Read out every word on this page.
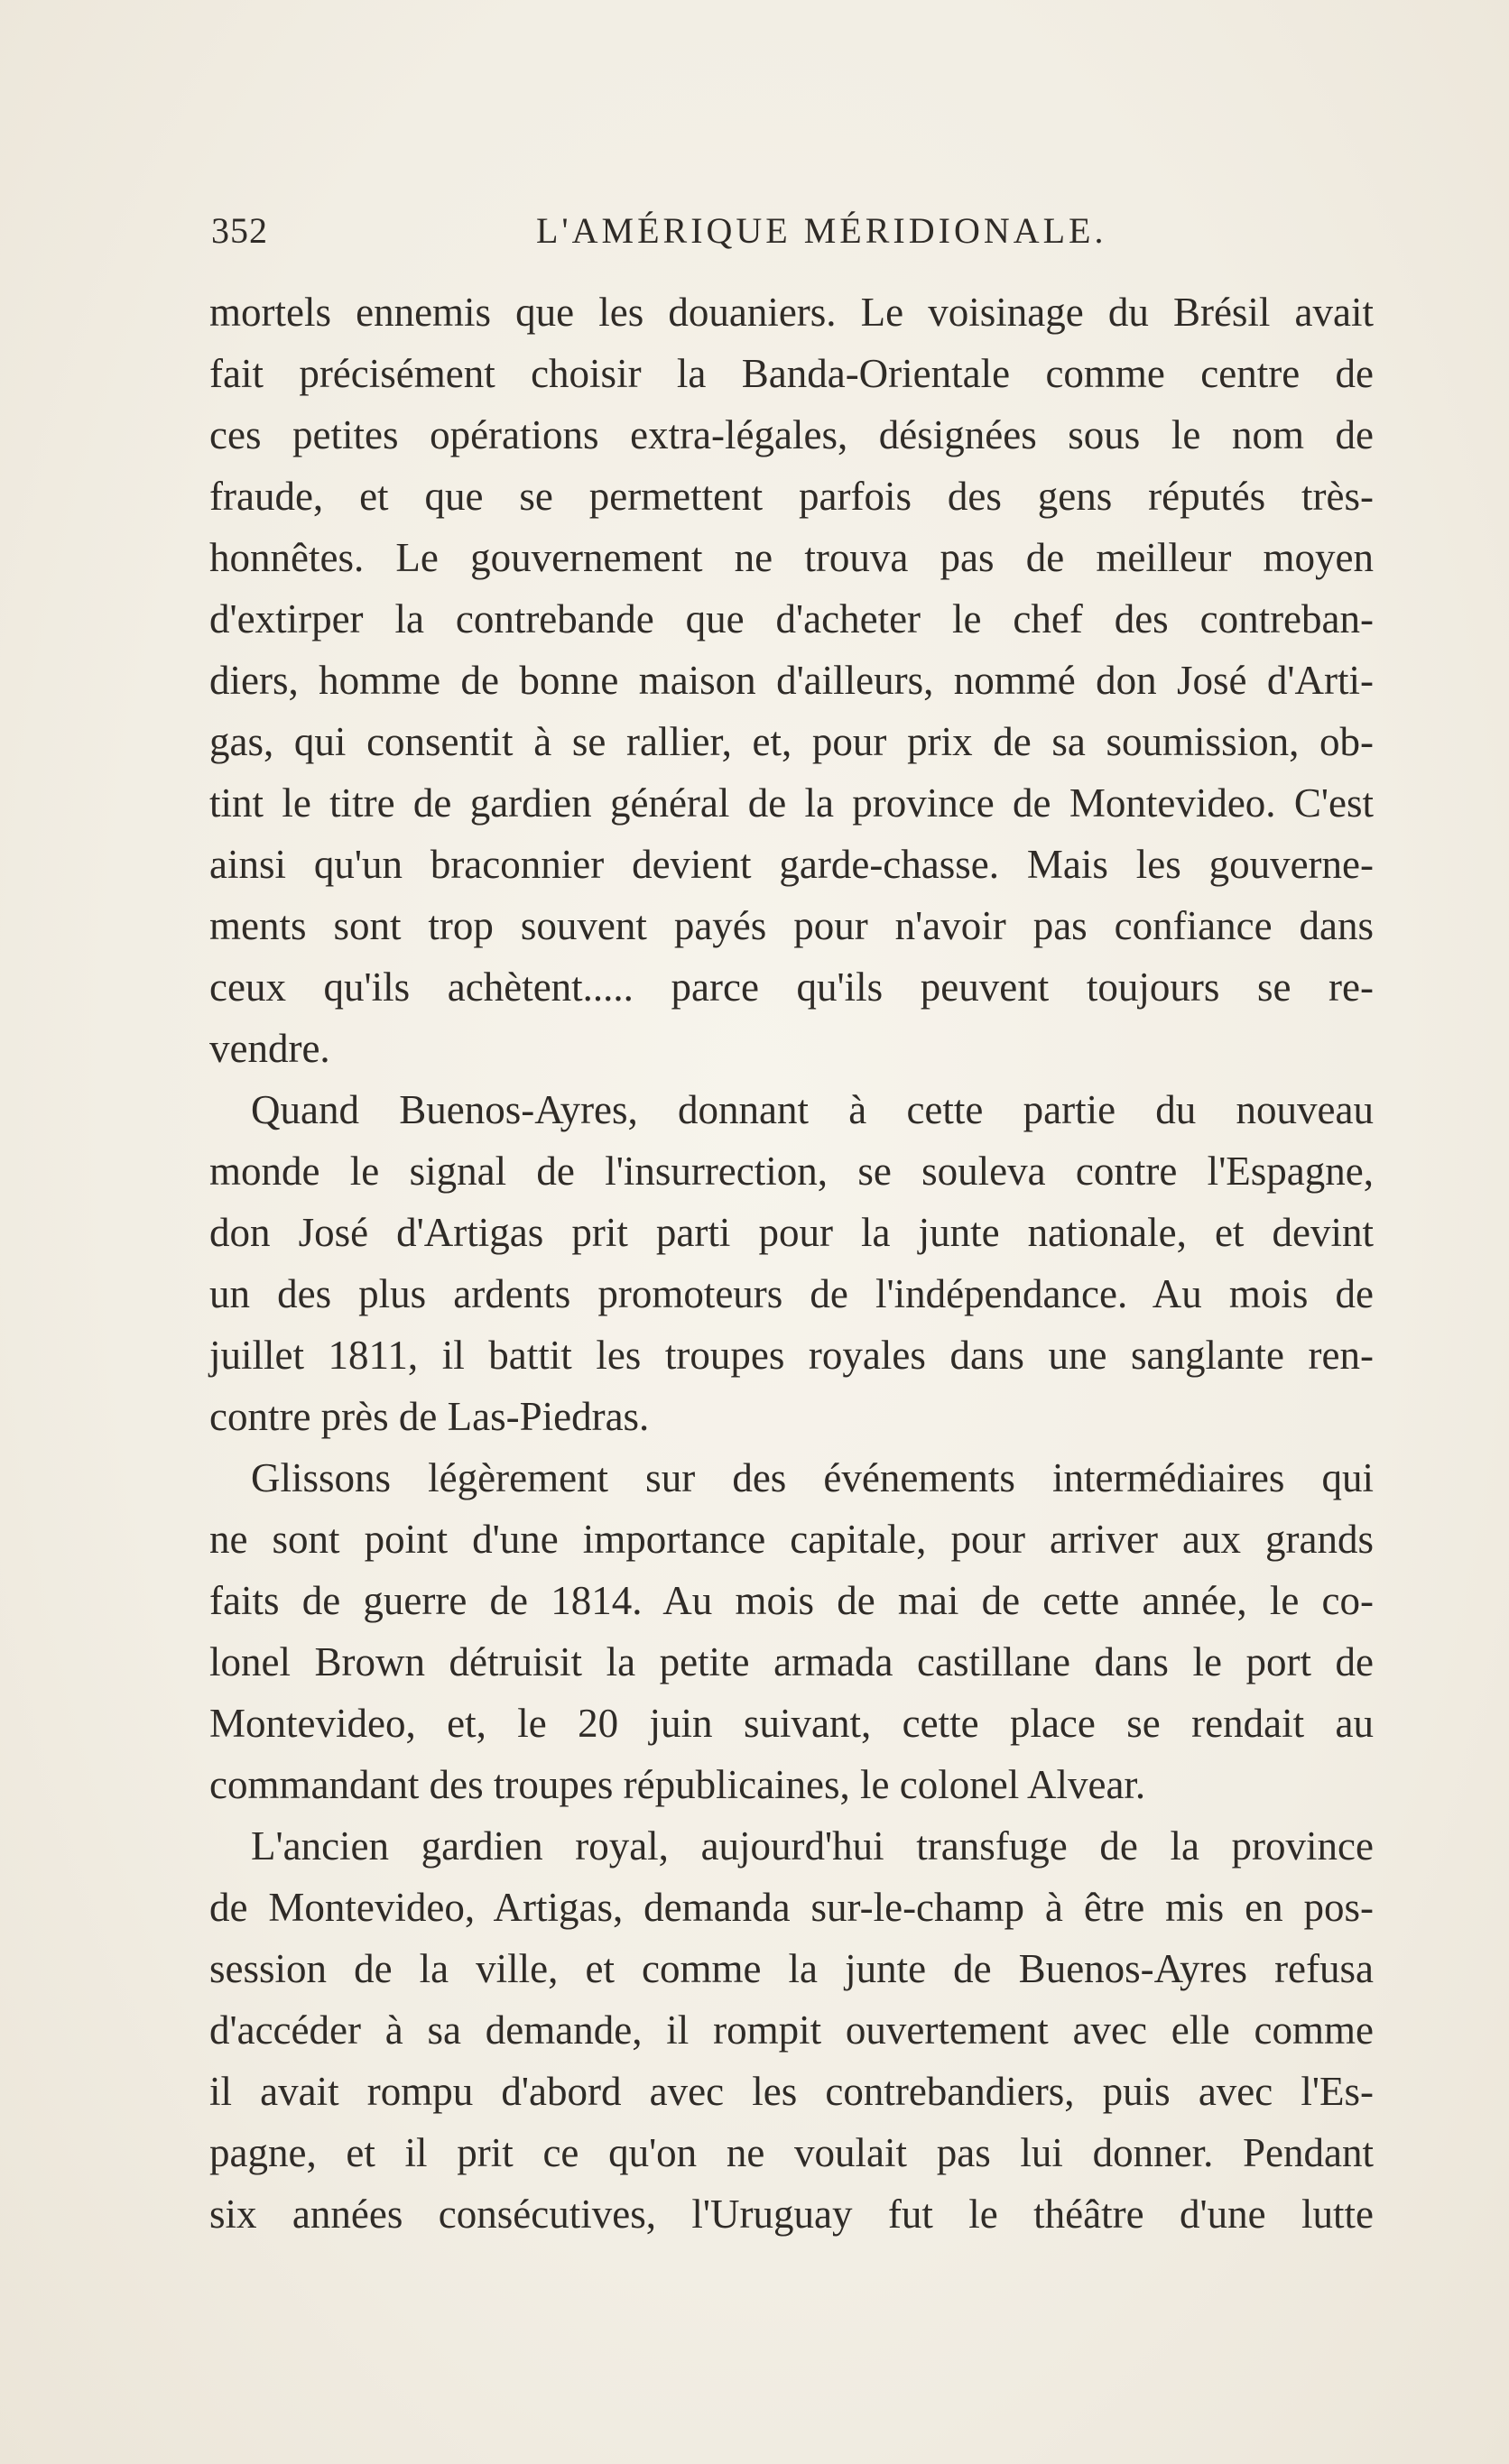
352	L'AMÉRIQUE MÉRIDIONALE.
mortels ennemis que les douaniers. Le voisinage du Brésil avait
fait précisément choisir la Banda-Orientale comme centre de
ces petites opérations extra-légales, désignées sous le nom de
fraude, et que se permettent parfois des gens réputés très-
honnêtes. Le gouvernement ne trouva pas de meilleur moyen
d'extirper la contrebande que d'acheter le chef des contreban-
diers, homme de bonne maison d'ailleurs, nommé don José d'Arti-
gas, qui consentit à se rallier, et, pour prix de sa soumission, ob-
tint le titre de gardien général de la province de Montevideo. C'est
ainsi qu'un braconnier devient garde-chasse. Mais les gouverne-
ments sont trop souvent payés pour n'avoir pas confiance dans
ceux qu'ils achètent..... parce qu'ils peuvent toujours se re-
vendre.
Quand Buenos-Ayres, donnant à cette partie du nouveau
monde le signal de l'insurrection, se souleva contre l'Espagne,
don José d'Artigas prit parti pour la junte nationale, et devint
un des plus ardents promoteurs de l'indépendance. Au mois de
juillet 1811, il battit les troupes royales dans une sanglante ren-
contre près de Las-Piedras.
Glissons légèrement sur des événements intermédiaires qui
ne sont point d'une importance capitale, pour arriver aux grands
faits de guerre de 1814. Au mois de mai de cette année, le co-
lonel Brown détruisit la petite armada castillane dans le port de
Montevideo, et, le 20 juin suivant, cette place se rendait au
commandant des troupes républicaines, le colonel Alvear.
L'ancien gardien royal, aujourd'hui transfuge de la province
de Montevideo, Artigas, demanda sur-le-champ à être mis en pos-
session de la ville, et comme la junte de Buenos-Ayres refusa
d'accéder à sa demande, il rompit ouvertement avec elle comme
il avait rompu d'abord avec les contrebandiers, puis avec l'Es-
pagne, et il prit ce qu'on ne voulait pas lui donner. Pendant
six années consécutives, l'Uruguay fut le théâtre d'une lutte
